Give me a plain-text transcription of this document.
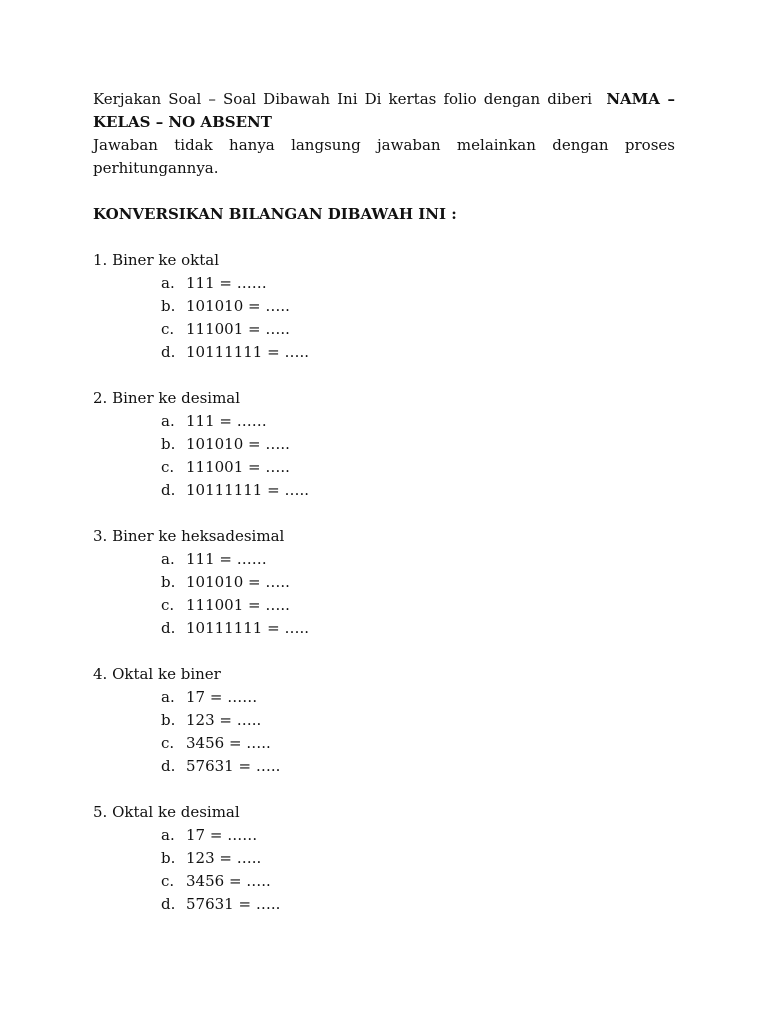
Kerjakan Soal – Soal Dibawah Ini Di kertas folio dengan diberi NAMA –
KELAS – NO ABSENT
Jawaban tidak hanya langsung jawaban melainkan dengan proses
perhitungannya.
KONVERSIKAN BILANGAN DIBAWAH INI :
1. Biner ke oktal
a. 111 = ……
b. 101010 = …..
c. 111001 = …..
d. 10111111 = …..
2. Biner ke desimal
a. 111 = ……
b. 101010 = …..
c. 111001 = …..
d. 10111111 = …..
3. Biner ke heksadesimal
a. 111 = ……
b. 101010 = …..
c. 111001 = …..
d. 10111111 = …..
4. Oktal ke biner
a. 17 = ……
b. 123 = …..
c. 3456 = …..
d. 57631 = …..
5. Oktal ke desimal
a. 17 = ……
b. 123 = …..
c. 3456 = …..
d. 57631 = …..
